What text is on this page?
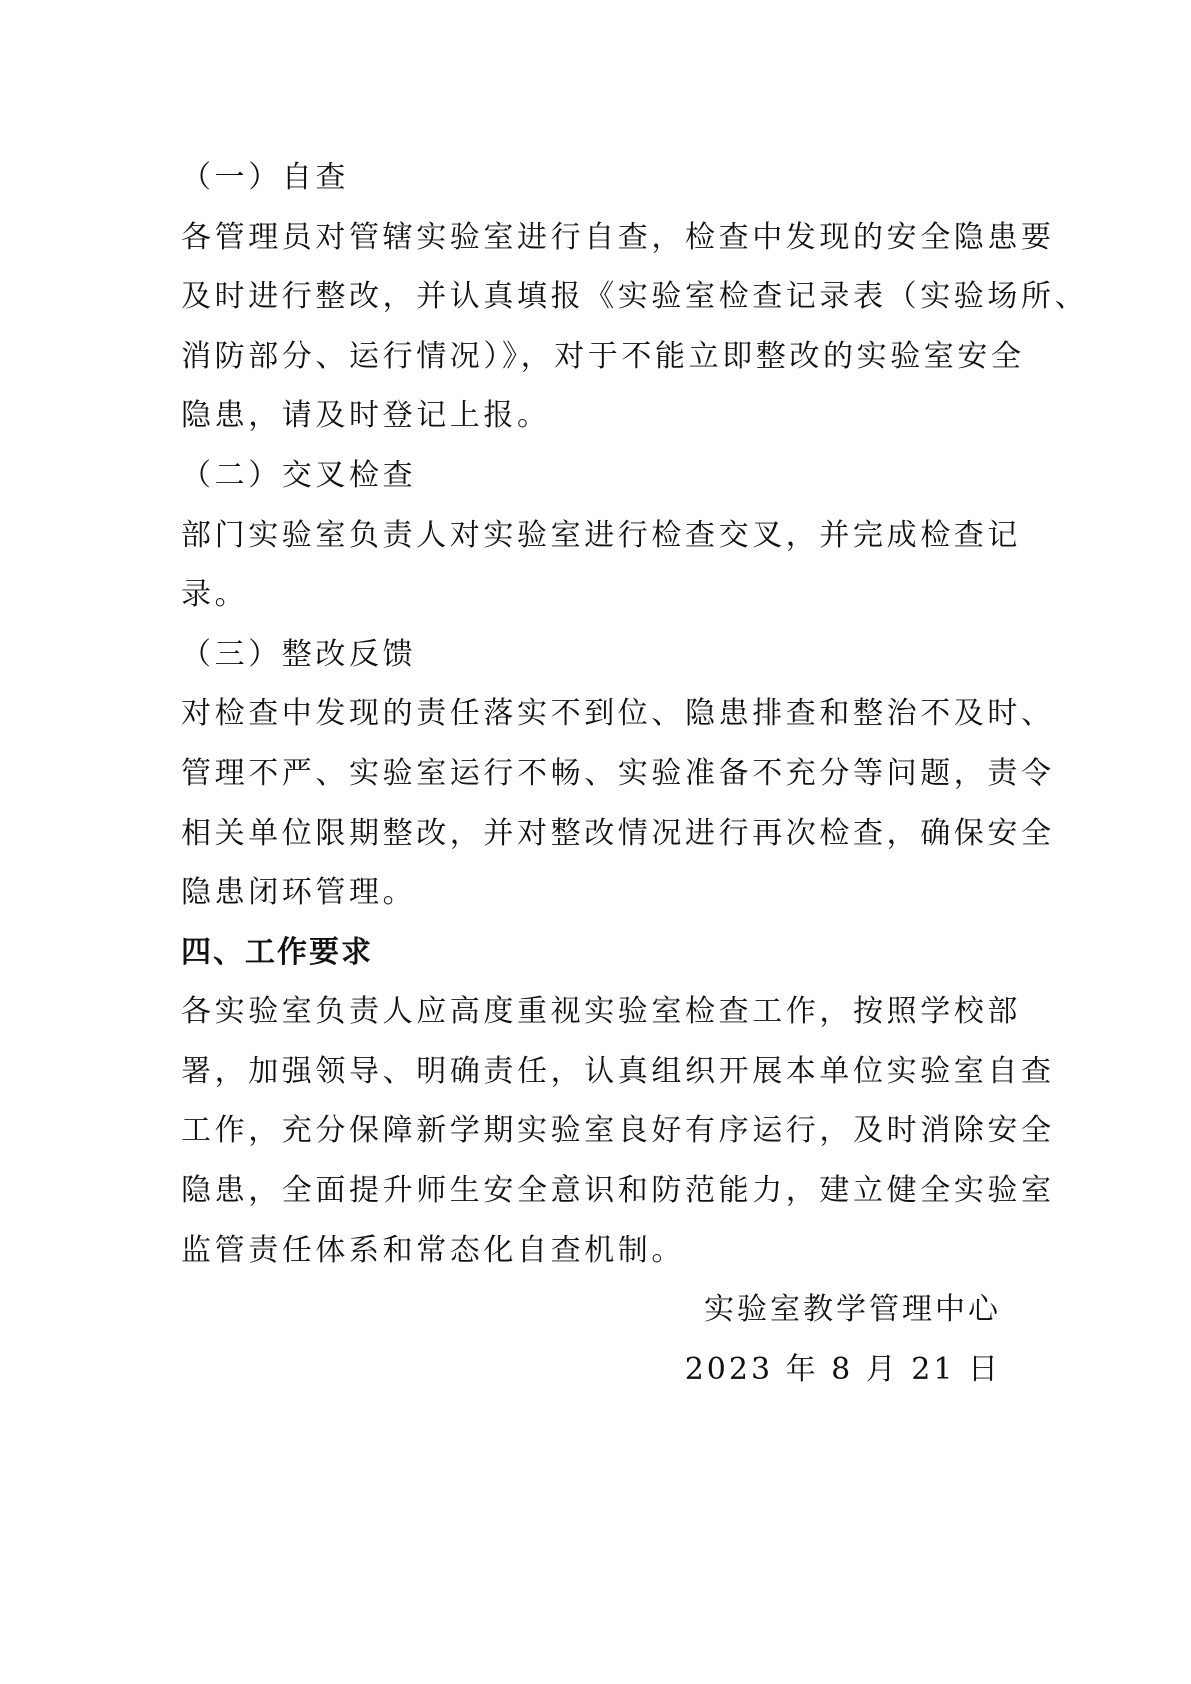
（一）自查
各管理员对管辖实验室进行自查，检查中发现的安全隐患要
及时进行整改，并认真填报《实验室检查记录表（实验场所、
消防部分、运行情况）》，对于不能立即整改的实验室安全
隐患，请及时登记上报。
（二）交叉检查
部门实验室负责人对实验室进行检查交叉，并完成检查记
录。
（三）整改反馈
对检查中发现的责任落实不到位、隐患排查和整治不及时、
管理不严、实验室运行不畅、实验准备不充分等问题，责令
相关单位限期整改，并对整改情况进行再次检查，确保安全
隐患闭环管理。
四、工作要求
各实验室负责人应高度重视实验室检查工作，按照学校部
署，加强领导、明确责任，认真组织开展本单位实验室自查
工作，充分保障新学期实验室良好有序运行，及时消除安全
隐患，全面提升师生安全意识和防范能力，建立健全实验室
监管责任体系和常态化自查机制。
实验室教学管理中心
2023 年 8 月 21 日
